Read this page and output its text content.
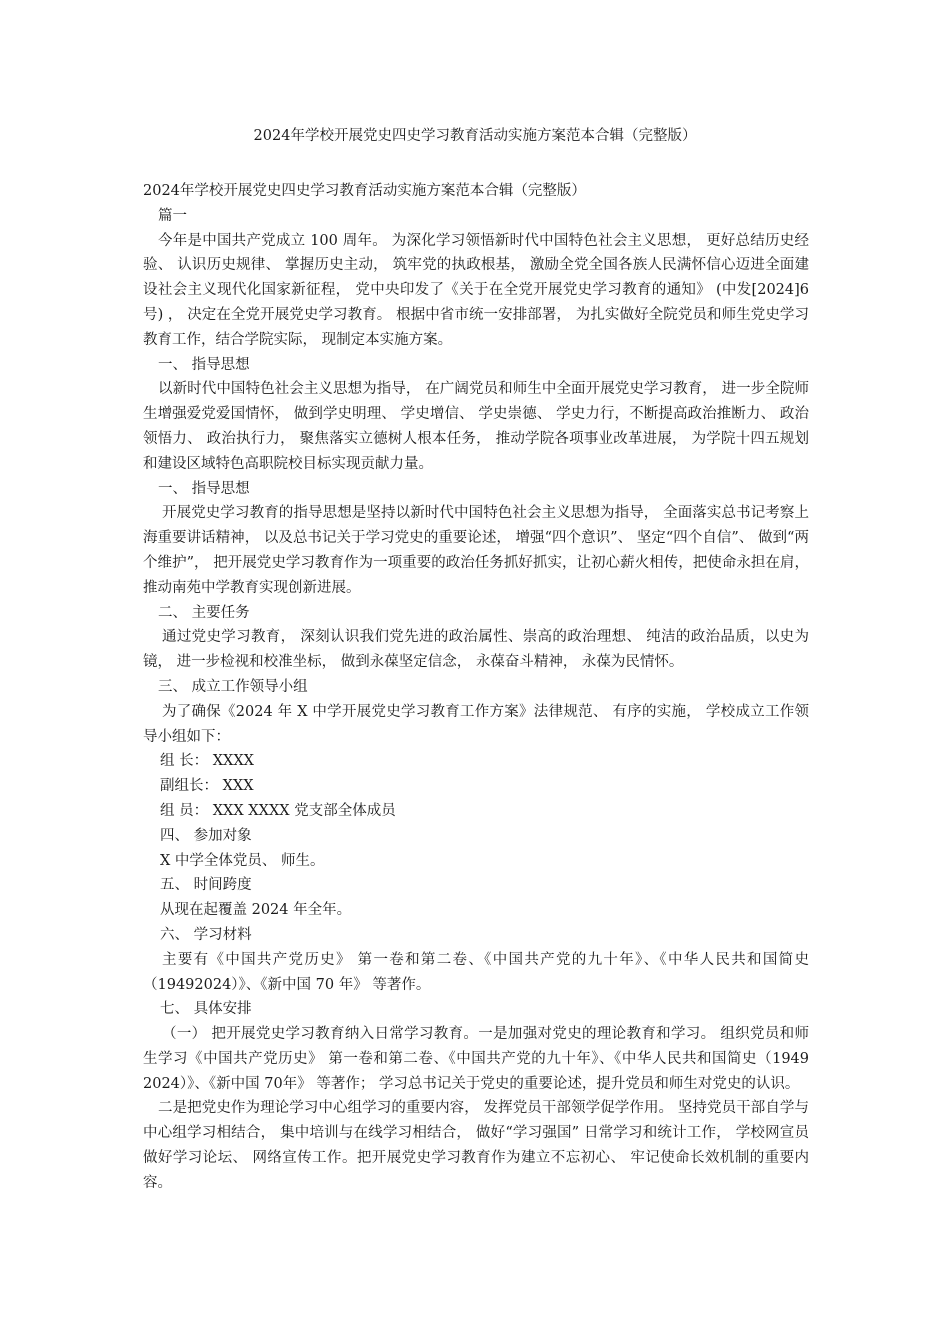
2024年学校开展党史四史学习教育活动实施方案范本合辑（完整版）

2024年学校开展党史四史学习教育活动实施方案范本合辑（完整版）

篇一

今年是中国共产党成立 100 周年。 为深化学习领悟新时代中国特色社会主义思想， 更好总结历史经验、 认识历史规律、 掌握历史主动， 筑牢党的执政根基， 激励全党全国各族人民满怀信心迈进全面建设社会主义现代化国家新征程， 党中央印发了《关于在全党开展党史学习教育的通知》 (中发[2024]6 号) ， 决定在全党开展党史学习教育。 根据中省市统一安排部署， 为扎实做好全院党员和师生党史学习教育工作，结合学院实际， 现制定本实施方案。

一、 指导思想

以新时代中国特色社会主义思想为指导， 在广阔党员和师生中全面开展党史学习教育， 进一步全院师生增强爱党爱国情怀， 做到学史明理、 学史增信、 学史崇德、 学史力行，不断提高政治推断力、 政治领悟力、 政治执行力， 聚焦落实立德树人根本任务， 推动学院各项事业改革进展， 为学院十四五规划和建设区域特色高职院校目标实现贡献力量。

一、 指导思想

开展党史学习教育的指导思想是坚持以新时代中国特色社会主义思想为指导， 全面落实总书记考察上海重要讲话精神， 以及总书记关于学习党史的重要论述， 增强“四个意识”、 坚定“四个自信”、 做到“两个维护”， 把开展党史学习教育作为一项重要的政治任务抓好抓实，让初心薪火相传，把使命永担在肩， 推动南苑中学教育实现创新进展。

二、 主要任务

通过党史学习教育， 深刻认识我们党先进的政治属性、崇高的政治理想、 纯洁的政治品质，以史为镜， 进一步检视和校准坐标， 做到永葆坚定信念， 永葆奋斗精神， 永葆为民情怀。

三、 成立工作领导小组

为了确保《2024 年 X 中学开展党史学习教育工作方案》法律规范、 有序的实施， 学校成立工作领导小组如下：

组 长： XXXX

副组长： XXX

组 员： XXX XXXX 党支部全体成员

四、 参加对象

X 中学全体党员、 师生。

五、 时间跨度

从现在起覆盖 2024 年全年。

六、 学习材料

主要有《中国共产党历史》 第一卷和第二卷、《中国共产党的九十年》、《中华人民共和国简史（19492024）》、《新中国 70 年》 等著作。

七、 具体安排

（一） 把开展党史学习教育纳入日常学习教育。一是加强对党史的理论教育和学习。 组织党员和师生学习《中国共产党历史》 第一卷和第二卷、《中国共产党的九十年》、《中华人民共和国简史（1949 2024）》、《新中国 70年》 等著作； 学习总书记关于党史的重要论述，提升党员和师生对党史的认识。

二是把党史作为理论学习中心组学习的重要内容， 发挥党员干部领学促学作用。 坚持党员干部自学与中心组学习相结合， 集中培训与在线学习相结合， 做好“学习强国” 日常学习和统计工作， 学校网宣员做好学习论坛、 网络宣传工作。把开展党史学习教育作为建立不忘初心、 牢记使命长效机制的重要内容。
